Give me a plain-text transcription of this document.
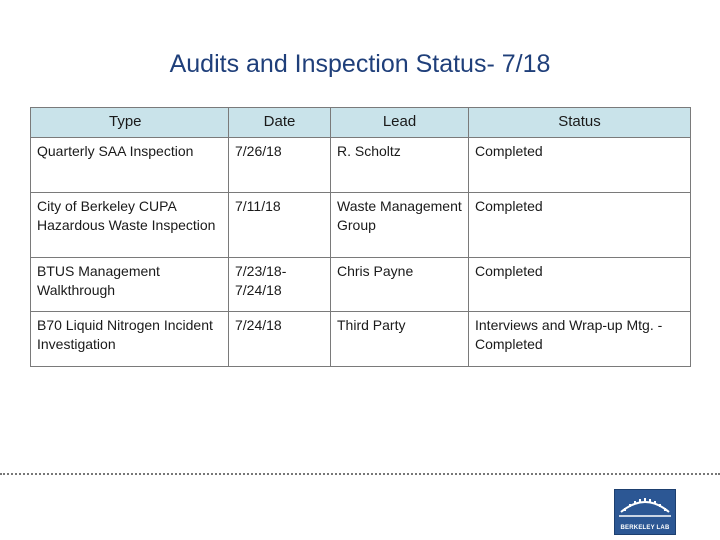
Audits and Inspection Status- 7/18
Type	Date	Lead	Status
Quarterly SAA Inspection	7/26/18	R. Scholtz	Completed
City of Berkeley CUPA Hazardous Waste Inspection	7/11/18	Waste Management Group	Completed
BTUS Management Walkthrough	7/23/18-7/24/18	Chris Payne	Completed
B70 Liquid Nitrogen Incident Investigation	7/24/18	Third Party	Interviews and Wrap-up Mtg. - Completed
BERKELEY LAB
